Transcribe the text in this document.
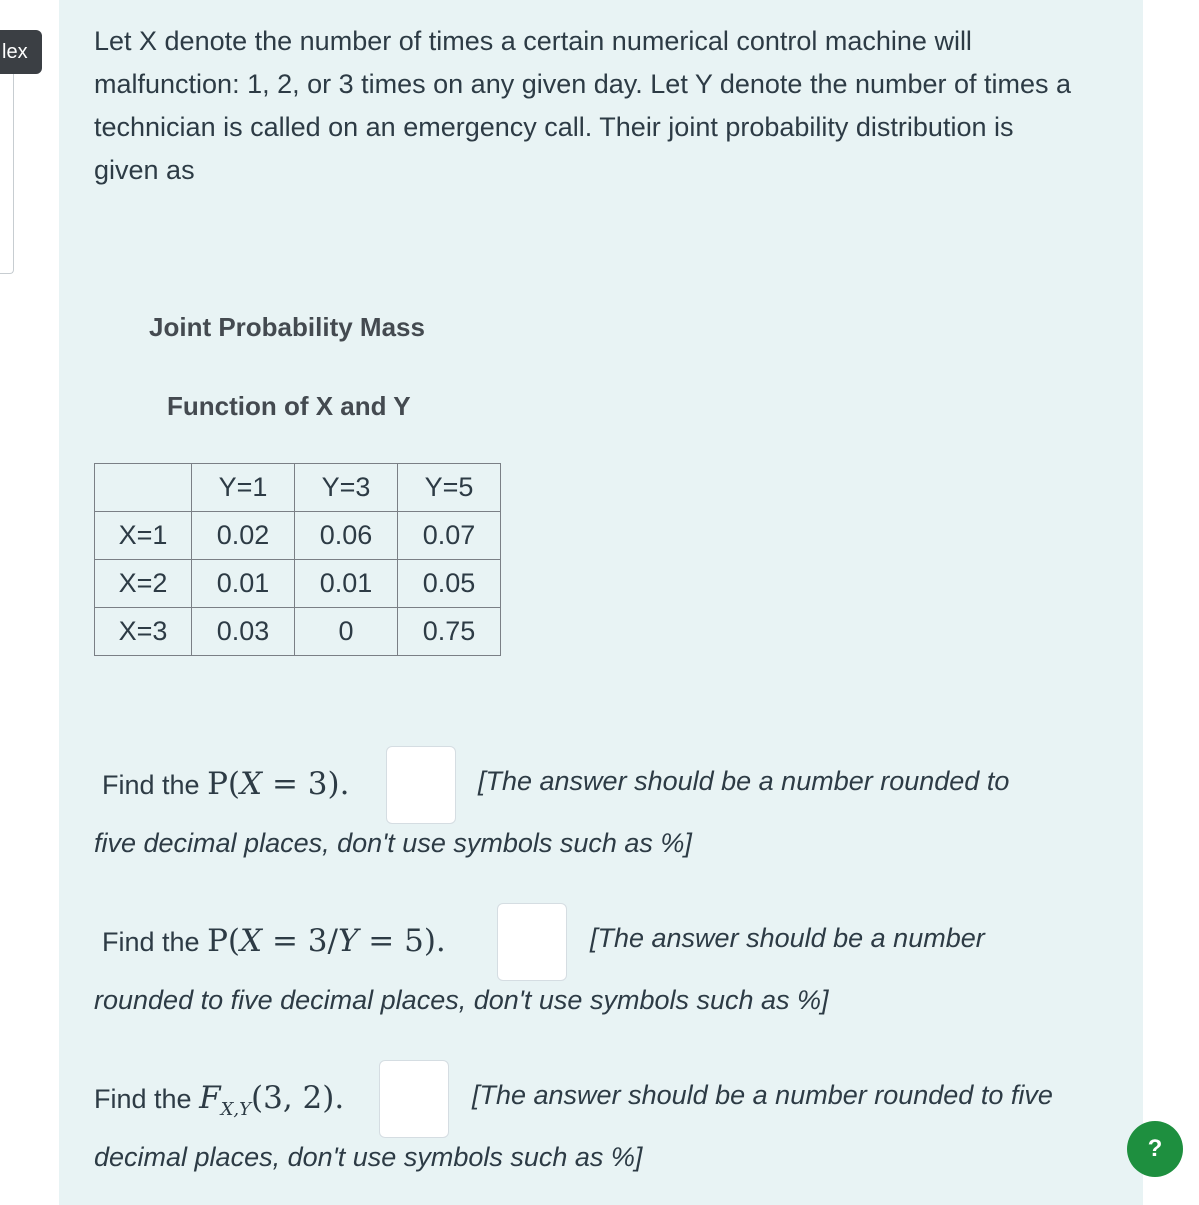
lex	Let X denote the number of times a certain numerical control machine will malfunction: 1, 2, or 3 times on any given day. Let Y denote the number of times a technician is called on an emergency call. Their joint probability distribution is given as

Joint Probability Mass

Function of X and Y

	Y=1	Y=3	Y=5
X=1	0.02	0.06	0.07
X=2	0.01	0.01	0.05
X=3	0.03	0	0.75
Find the P(X = 3).	[The answer should be a number rounded to
five decimal places, don't use symbols such as %]
Find the P(X = 3/Y = 5).	[The answer should be a number
rounded to five decimal places, don't use symbols such as %]
Find the $F_{X,Y}(3$, 2).	[The answer should be a number rounded to five
decimal places, don't use symbols such as %]	?
